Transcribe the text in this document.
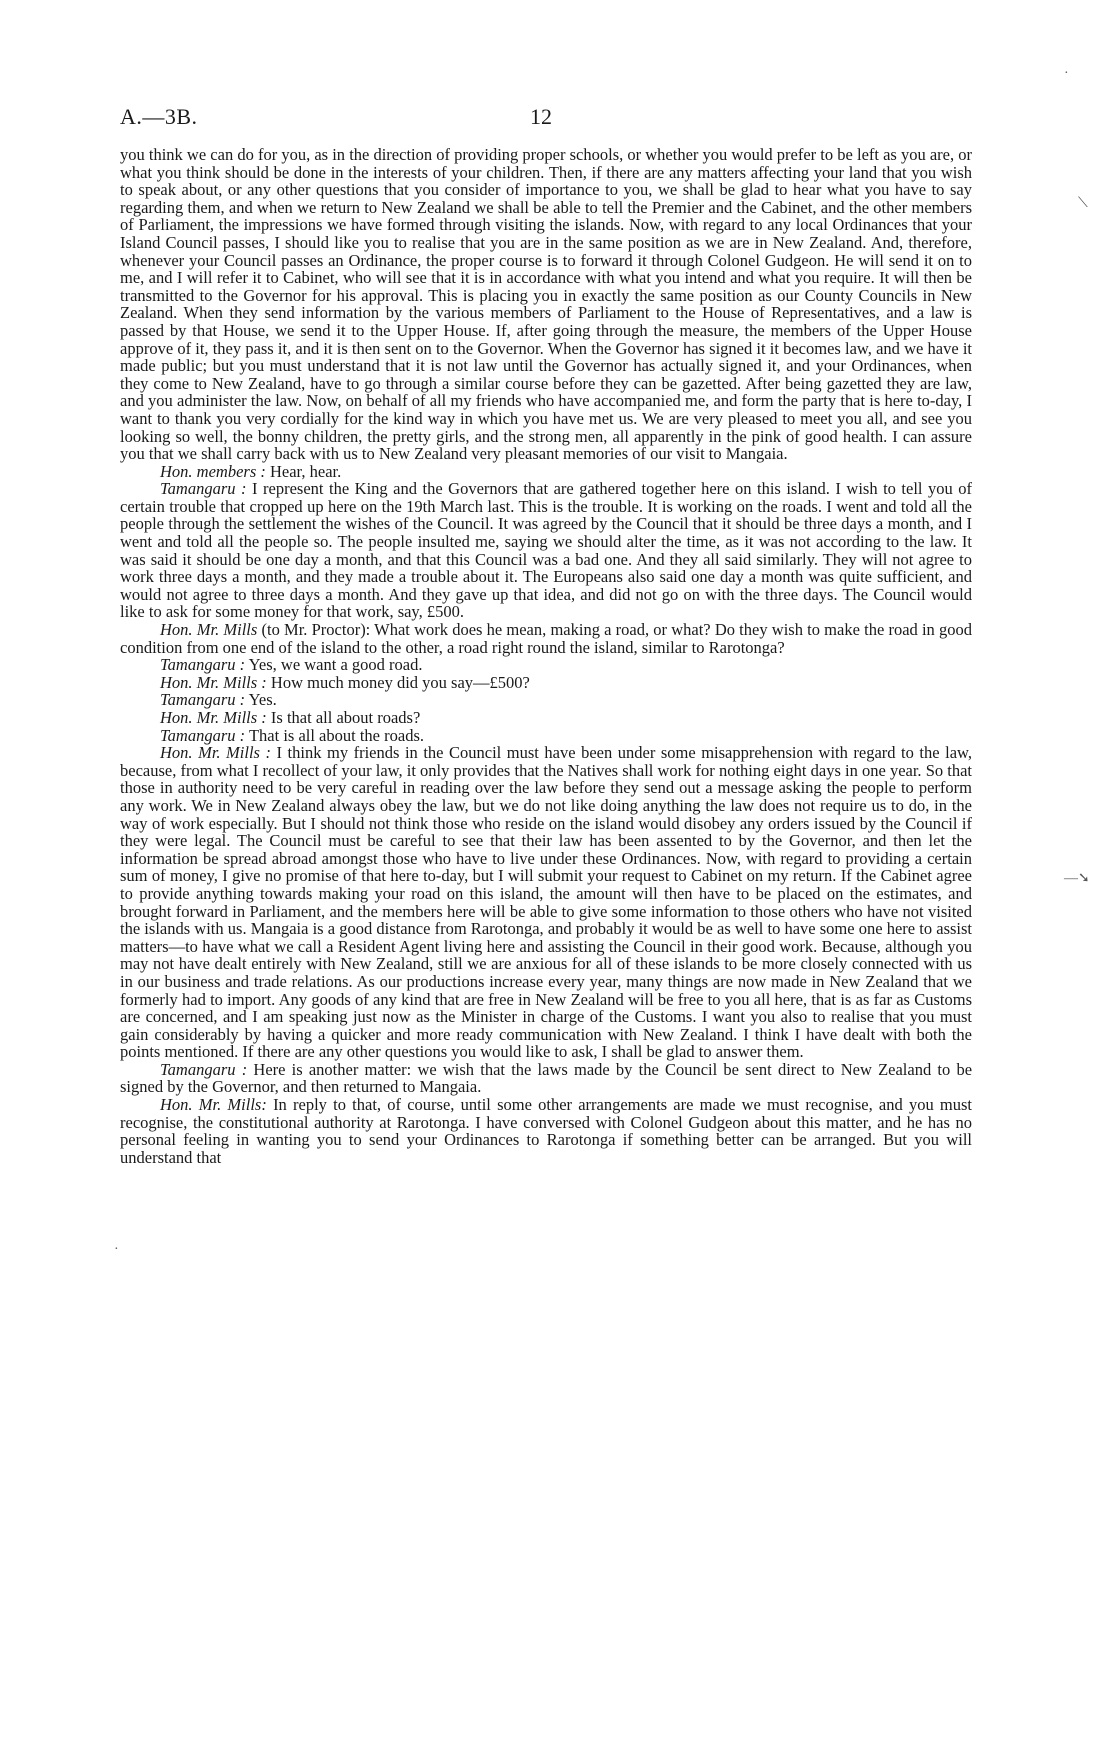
A.—3B.	12
·
⟍
—➘
·

you think we can do for you, as in the direction of providing proper schools, or whether you would prefer to be left as you are, or what you think should be done in the interests of your children. Then, if there are any matters affecting your land that you wish to speak about, or any other questions that you consider of importance to you, we shall be glad to hear what you have to say regarding them, and when we return to New Zealand we shall be able to tell the Premier and the Cabinet, and the other members of Parliament, the impressions we have formed through visiting the islands. Now, with regard to any local Ordinances that your Island Council passes, I should like you to realise that you are in the same position as we are in New Zealand. And, therefore, whenever your Council passes an Ordinance, the proper course is to forward it through Colonel Gudgeon. He will send it on to me, and I will refer it to Cabinet, who will see that it is in accordance with what you intend and what you require. It will then be transmitted to the Governor for his approval. This is placing you in exactly the same position as our County Councils in New Zealand. When they send information by the various members of Parliament to the House of Representatives, and a law is passed by that House, we send it to the Upper House. If, after going through the measure, the members of the Upper House approve of it, they pass it, and it is then sent on to the Governor. When the Governor has signed it it becomes law, and we have it made public; but you must understand that it is not law until the Governor has actually signed it, and your Ordinances, when they come to New Zealand, have to go through a similar course before they can be gazetted. After being gazetted they are law, and you administer the law. Now, on behalf of all my friends who have accompanied me, and form the party that is here to-day, I want to thank you very cordially for the kind way in which you have met us. We are very pleased to meet you all, and see you looking so well, the bonny children, the pretty girls, and the strong men, all apparently in the pink of good health. I can assure you that we shall carry back with us to New Zealand very pleasant memories of our visit to Mangaia.

Hon. members : Hear, hear.

Tamangaru : I represent the King and the Governors that are gathered together here on this island. I wish to tell you of certain trouble that cropped up here on the 19th March last. This is the trouble. It is working on the roads. I went and told all the people through the settlement the wishes of the Council. It was agreed by the Council that it should be three days a month, and I went and told all the people so. The people insulted me, saying we should alter the time, as it was not according to the law. It was said it should be one day a month, and that this Council was a bad one. And they all said similarly. They will not agree to work three days a month, and they made a trouble about it. The Europeans also said one day a month was quite sufficient, and would not agree to three days a month. And they gave up that idea, and did not go on with the three days. The Council would like to ask for some money for that work, say, £500.

Hon. Mr. Mills (to Mr. Proctor): What work does he mean, making a road, or what? Do they wish to make the road in good condition from one end of the island to the other, a road right round the island, similar to Rarotonga?

Tamangaru : Yes, we want a good road.

Hon. Mr. Mills : How much money did you say—£500?

Tamangaru : Yes.

Hon. Mr. Mills : Is that all about roads?

Tamangaru : That is all about the roads.

Hon. Mr. Mills : I think my friends in the Council must have been under some misapprehension with regard to the law, because, from what I recollect of your law, it only provides that the Natives shall work for nothing eight days in one year. So that those in authority need to be very careful in reading over the law before they send out a message asking the people to perform any work. We in New Zealand always obey the law, but we do not like doing anything the law does not require us to do, in the way of work especially. But I should not think those who reside on the island would disobey any orders issued by the Council if they were legal. The Council must be careful to see that their law has been assented to by the Governor, and then let the information be spread abroad amongst those who have to live under these Ordinances. Now, with regard to providing a certain sum of money, I give no promise of that here to-day, but I will submit your request to Cabinet on my return. If the Cabinet agree to provide anything towards making your road on this island, the amount will then have to be placed on the estimates, and brought forward in Parliament, and the members here will be able to give some information to those others who have not visited the islands with us. Mangaia is a good distance from Rarotonga, and probably it would be as well to have some one here to assist matters—to have what we call a Resident Agent living here and assisting the Council in their good work. Because, although you may not have dealt entirely with New Zealand, still we are anxious for all of these islands to be more closely connected with us in our business and trade relations. As our productions increase every year, many things are now made in New Zealand that we formerly had to import. Any goods of any kind that are free in New Zealand will be free to you all here, that is as far as Customs are concerned, and I am speaking just now as the Minister in charge of the Customs. I want you also to realise that you must gain considerably by having a quicker and more ready communication with New Zealand. I think I have dealt with both the points mentioned. If there are any other questions you would like to ask, I shall be glad to answer them.

Tamangaru : Here is another matter: we wish that the laws made by the Council be sent direct to New Zealand to be signed by the Governor, and then returned to Mangaia.

Hon. Mr. Mills: In reply to that, of course, until some other arrangements are made we must recognise, and you must recognise, the constitutional authority at Rarotonga. I have conversed with Colonel Gudgeon about this matter, and he has no personal feeling in wanting you to send your Ordinances to Rarotonga if something better can be arranged. But you will understand that
